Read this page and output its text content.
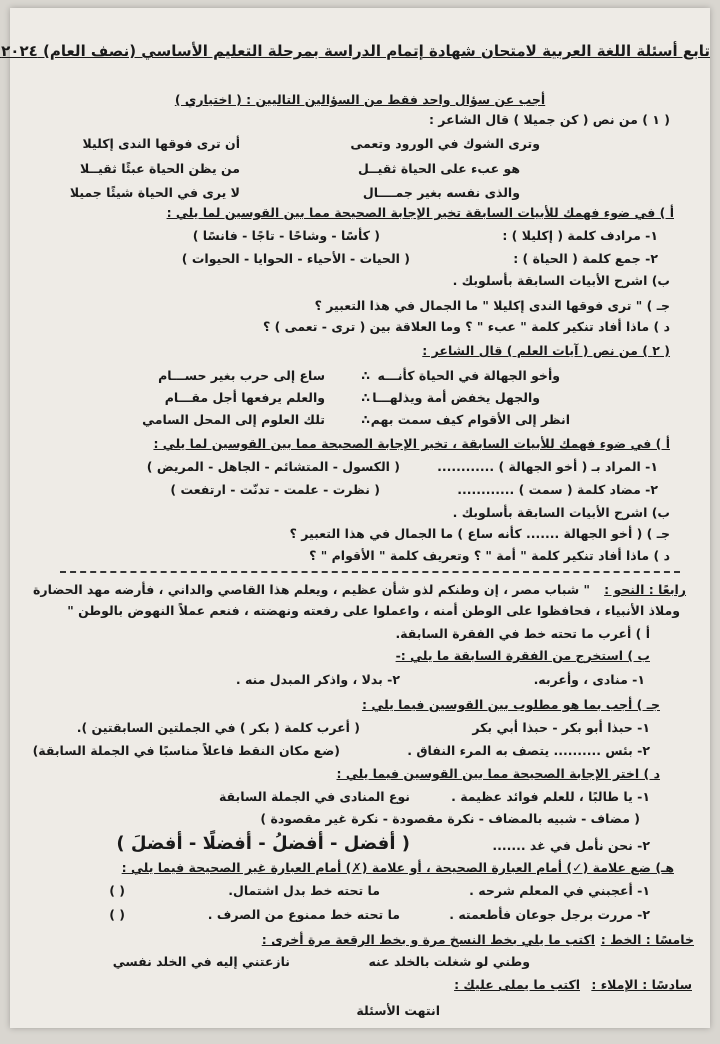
تابع أسئلة اللغة العربية لامتحان شهادة إتمام الدراسة بمرحلة التعليم الأساسي (نصف العام) ٢٠٢٤
أجب عن سؤال واحد فقط من السؤالين التاليين : ( اختياري )
( ١ ) من نص ( كن جميلا ) قال الشاعر :
وترى الشوك في الورود وتعمى
أن ترى فوقها الندى إكليلا
هو عبء على الحياة ثقيــل
من يظن الحياة عبئًا ثقيــلا
والذى نفسه بغير جمــــال
لا يرى في الحياة شيئًا جميلا
أ ) في ضوء فهمك للأبيات السابقة تخير الإجابة الصحيحة مما بين القوسين لما يلي :
١- مرادف كلمة ( إكليلا ) :
( كأسًا - وشاحًا - تاجًا - فانسًا )
٢- جمع كلمة ( الحياة ) :
( الحيات - الأحياء - الحوايا - الحيوات )
ب) اشرح الأبيات السابقة بأسلوبك .
جـ ) " ترى فوقها الندى إكليلا " ما الجمال في هذا التعبير ؟
د ) ماذا أفاد تنكير كلمة " عبء " ؟ وما العلاقة بين ( ترى - تعمى ) ؟
( ٢ ) من نص ( آيات العلم ) قال الشاعر :
وأخو الجهالة في الحياة كأنـــه
∴
ساع إلى حرب بغير حســـام
والجهل يخفض أمة ويذلهـــا
∴
والعلم يرفعها أجل مقـــام
انظر إلى الأقوام كيف سمت بهم
∴
تلك العلوم إلى المحل السامي
أ ) في ضوء فهمك للأبيات السابقة ، تخير الإجابة الصحيحة مما بين القوسين لما يلي :
١- المراد بـ ( أخو الجهالة ) ............
( الكسول - المتشائم - الجاهل - المريض )
٢- مضاد كلمة ( سمت ) ............
( نظرت - علمت - تدنّت - ارتفعت )
ب) اشرح الأبيات السابقة بأسلوبك .
جـ ) ( أخو الجهالة ....... كأنه ساع ) ما الجمال في هذا التعبير ؟
د ) ماذا أفاد تنكير كلمة " أمة " ؟ وتعريف كلمة " الأقوام " ؟
رابعًا : النحو :
" شباب مصر ، إن وطنكم لذو شأن عظيم ، ويعلم هذا القاصي والداني ، فأرضه مهد الحضارة
وملاذ الأنبياء ، فحافظوا على الوطن أمنه ، واعملوا على رفعته ونهضته ، فنعم عملاً النهوض بالوطن "
أ ) أعرب ما تحته خط في الفقرة السابقة.
ب ) استخرج من الفقرة السابقة ما يلي :-
١- منادى ، وأعربه.
٢- بدلا ، واذكر المبدل منه .
جـ ) أجب بما هو مطلوب بين القوسين فيما يلي :
١- حبذا أبو بكر - حبذا أبي بكر
( أعرب كلمة ( بكر ) في الجملتين السابقتين ).
٢- بئس .......... يتصف به المرء النفاق .
(ضع مكان النقط فاعلاً مناسبًا في الجملة السابقة)
د ) اختر الإجابة الصحيحة مما بين القوسين فيما يلي :
١- يا طالبًا ، للعلم فوائد عظيمة .
نوع المنادى في الجملة السابقة
( مضاف - شبيه بالمضاف - نكرة مقصودة - نكرة غير مقصودة )
( أفضل - أفضلُ - أفضلًا - أفضلَ )	٢- نحن نأمل في غد .......
هـ) ضع علامة (✓) أمام العبارة الصحيحة ، أو علامة (✗) أمام العبارة غير الصحيحة فيما يلي :
١- أعجبني في المعلم شرحه .
ما تحته خط بدل اشتمال.
( )
٢- مررت برجل جوعان فأطعمته .
ما تحته خط ممنوع من الصرف .
( )
خامسًا : الخط :
اكتب ما يلي بخط النسخ مرة و بخط الرقعة مرة أخرى :
وطني لو شغلت بالخلد عنه
نازعتني إليه في الخلد نفسي
سادسًا : الإملاء :
اكتب ما يملى عليك :
انتهت الأسئلة
